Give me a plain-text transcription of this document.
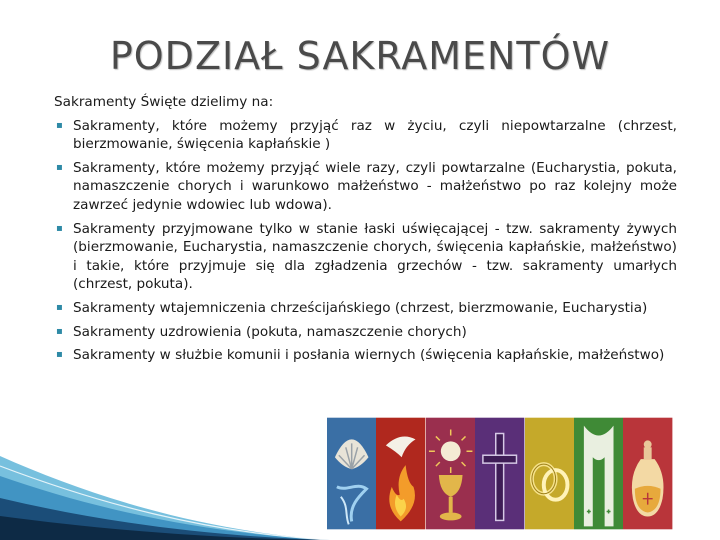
PODZIAŁ SAKRAMENTÓW

Sakramenty Święte dzielimy na:

▪ Sakramenty, które możemy przyjąć raz w życiu, czyli niepowtarzalne (chrzest, bierzmowanie, święcenia kapłańskie )
▪ Sakramenty, które możemy przyjąć wiele razy, czyli powtarzalne (Eucharystia, pokuta, namaszczenie chorych i warunkowo małżeństwo - małżeństwo po raz kolejny może zawrzeć jedynie wdowiec lub wdowa).
▪ Sakramenty przyjmowane tylko w stanie łaski uświęcającej - tzw. sakramenty żywych (bierzmowanie, Eucharystia, namaszczenie chorych, święcenia kapłańskie, małżeństwo) i takie, które przyjmuje się dla zgładzenia grzechów - tzw. sakramenty umarłych (chrzest, pokuta).
▪ Sakramenty wtajemniczenia chrześcijańskiego (chrzest, bierzmowanie, Eucharystia)
▪ Sakramenty uzdrowienia (pokuta, namaszczenie chorych)
▪ Sakramenty w służbie komunii i posłania wiernych (święcenia kapłańskie, małżeństwo)
